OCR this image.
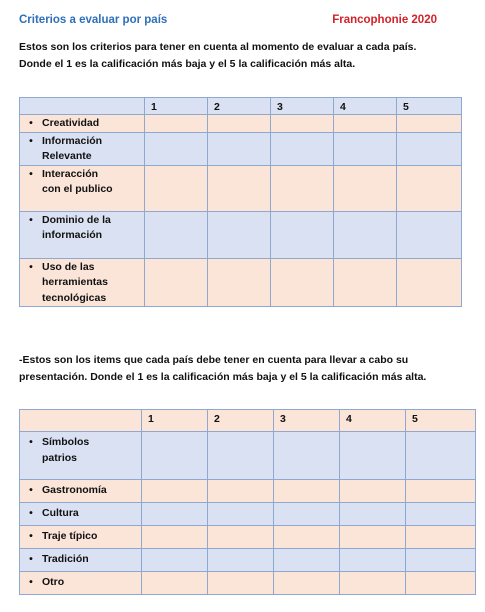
Criterios a evaluar por país	Francophonie 2020

Estos son los criterios para tener en cuenta al momento de evaluar a cada país. Donde el 1 es la calificación más baja y el 5 la calificación más alta.

	1	2	3	4	5

• Creatividad					

• Información Relevante					

• Interacción con el publico					

• Dominio de la información					

• Uso de las herramientas tecnológicas					

-Estos son los items que cada país debe tener en cuenta para llevar a cabo su presentación. Donde el 1 es la calificación más baja y el 5 la calificación más alta.

	1	2	3	4	5

• Símbolos patrios					

• Gastronomía					

• Cultura					

• Traje típico					

• Tradición					

• Otro					
